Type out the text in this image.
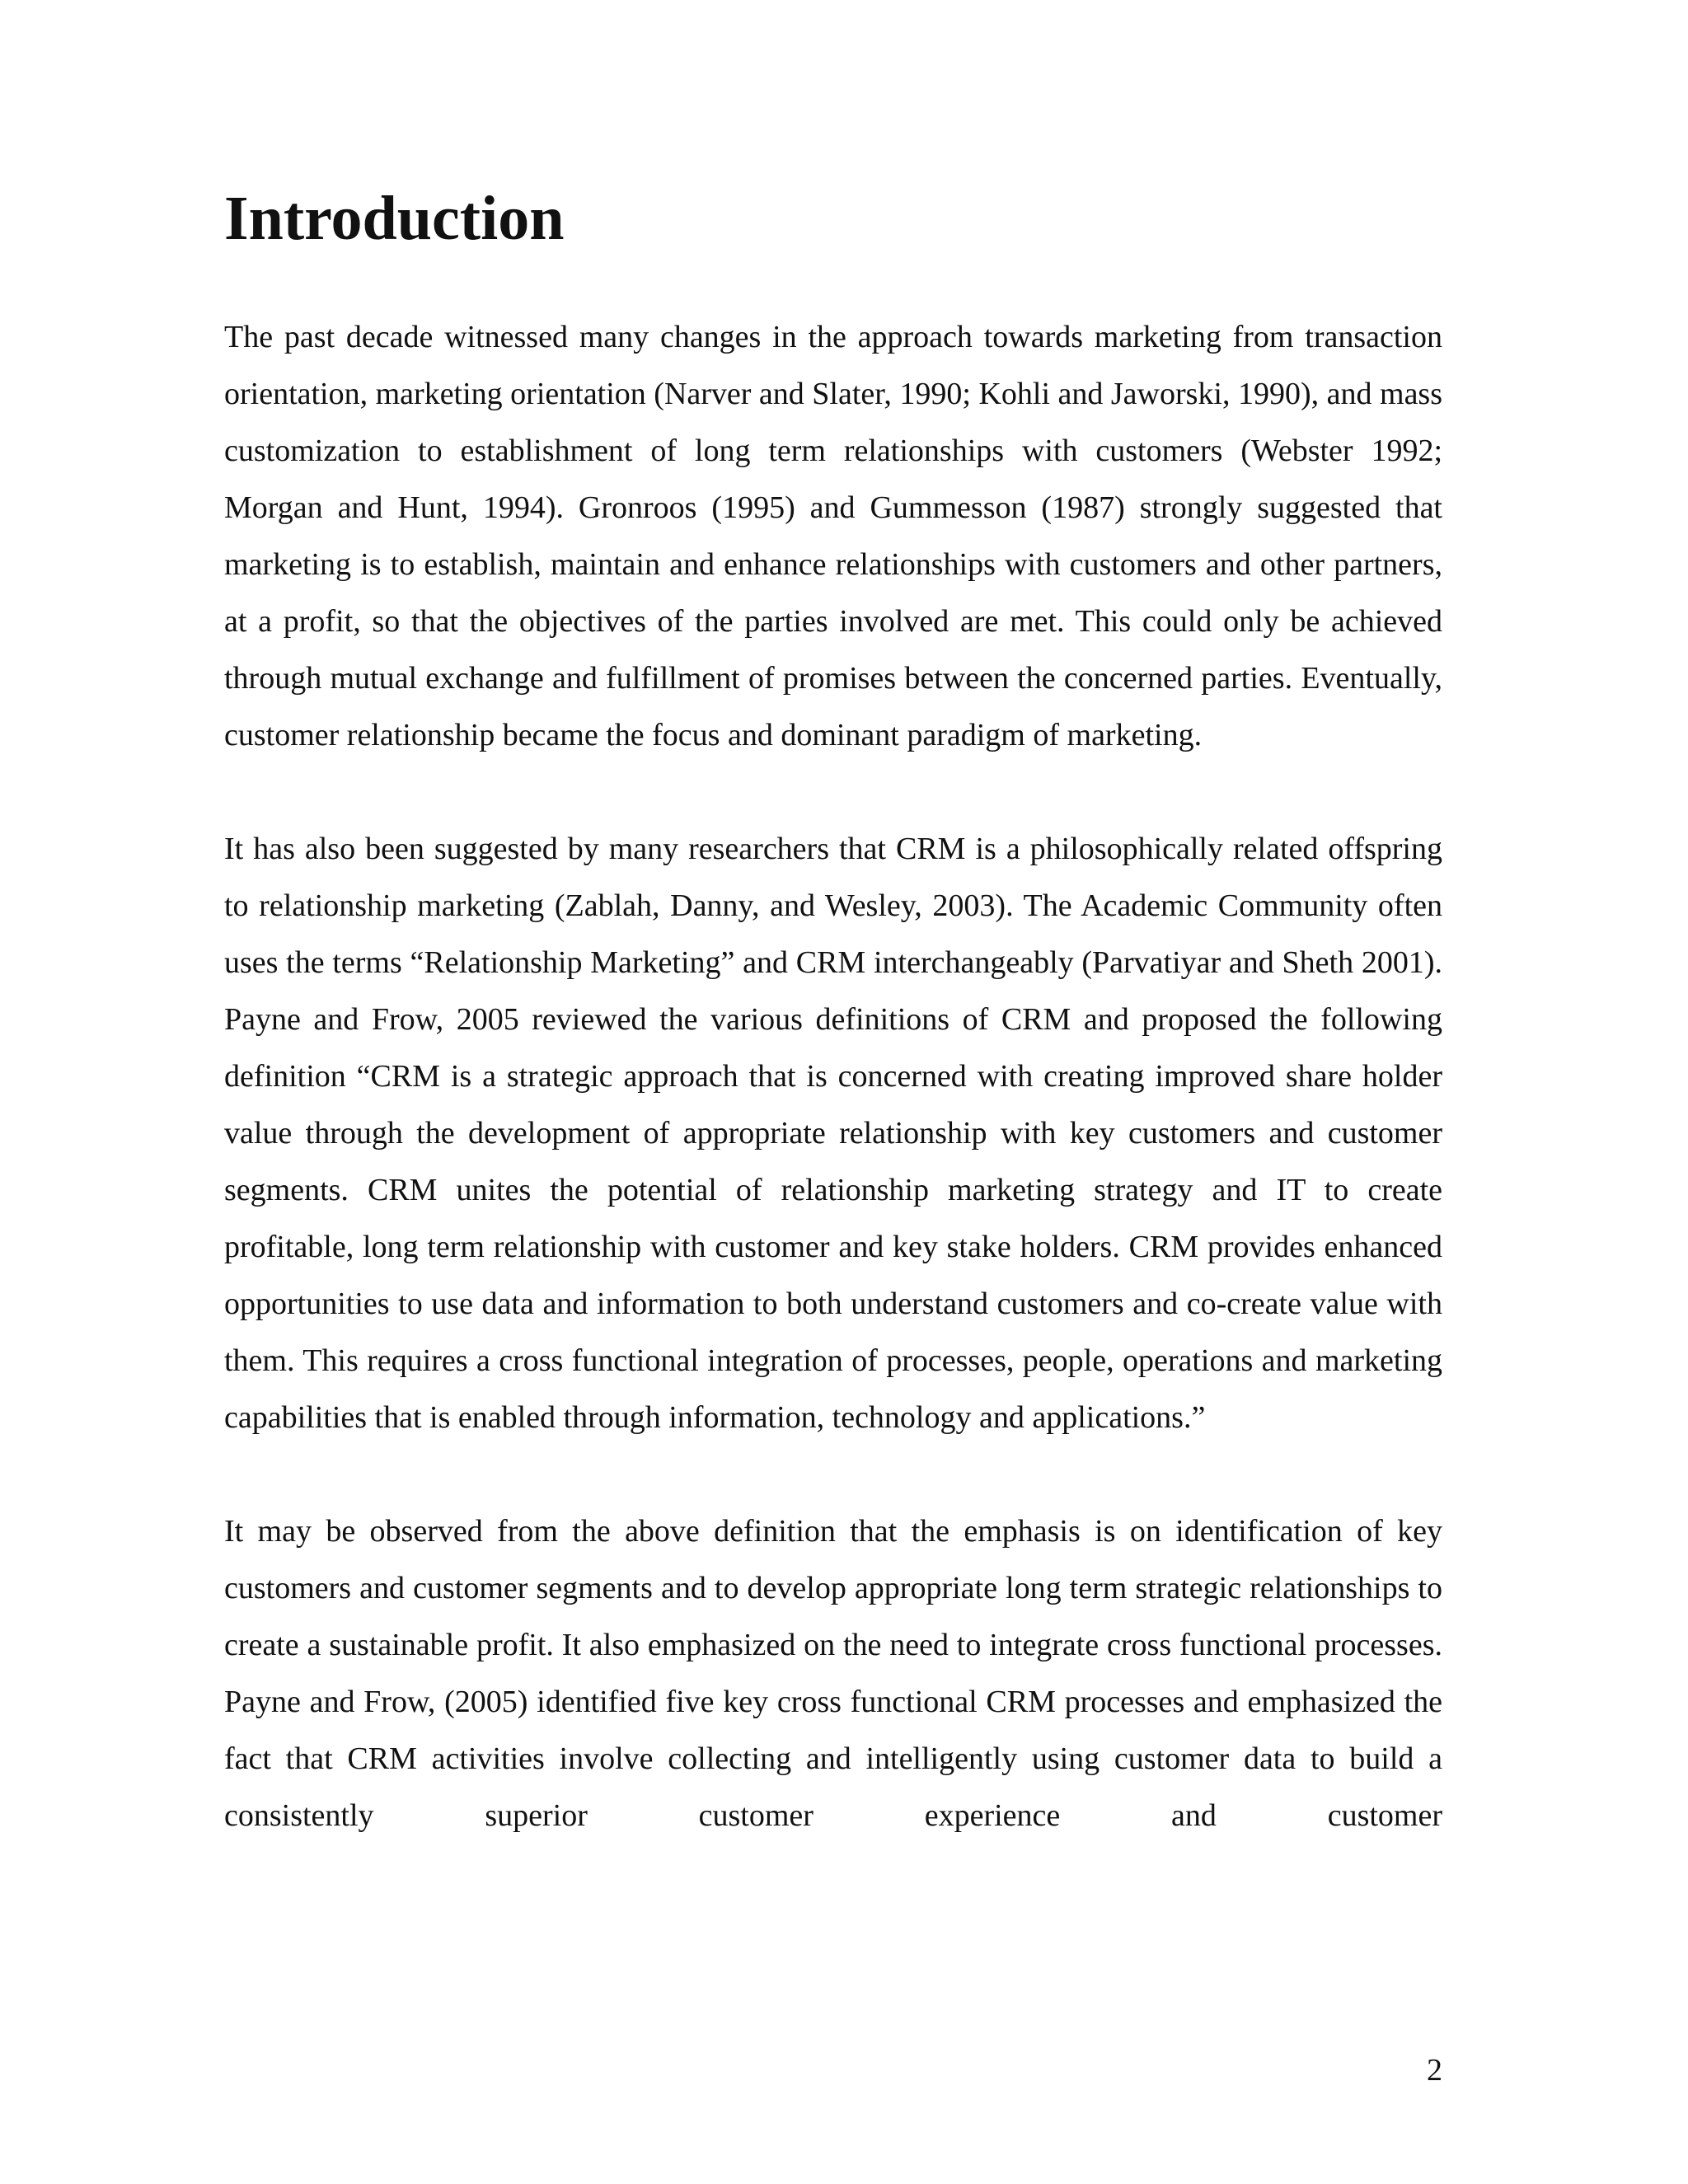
Introduction

The past decade witnessed many changes in the approach towards marketing from transaction orientation, marketing orientation (Narver and Slater, 1990; Kohli and Jaworski, 1990), and mass customization to establishment of long term relationships with customers (Webster 1992; Morgan and Hunt, 1994). Gronroos (1995) and Gummesson (1987) strongly suggested that marketing is to establish, maintain and enhance relationships with customers and other partners, at a profit, so that the objectives of the parties involved are met. This could only be achieved through mutual exchange and fulfillment of promises between the concerned parties. Eventually, customer relationship became the focus and dominant paradigm of marketing.

It has also been suggested by many researchers that CRM is a philosophically related offspring to relationship marketing (Zablah, Danny, and Wesley, 2003). The Academic Community often uses the terms “Relationship Marketing” and CRM interchangeably (Parvatiyar and Sheth 2001). Payne and Frow, 2005 reviewed the various definitions of CRM and proposed the following definition “CRM is a strategic approach that is concerned with creating improved share holder value through the development of appropriate relationship with key customers and customer segments. CRM unites the potential of relationship marketing strategy and IT to create profitable, long term relationship with customer and key stake holders. CRM provides enhanced opportunities to use data and information to both understand customers and co-create value with them. This requires a cross functional integration of processes, people, operations and marketing capabilities that is enabled through information, technology and applications.”

It may be observed from the above definition that the emphasis is on identification of key customers and customer segments and to develop appropriate long term strategic relationships to create a sustainable profit. It also emphasized on the need to integrate cross functional processes. Payne and Frow, (2005) identified five key cross functional CRM processes and emphasized the fact that CRM activities involve collecting and intelligently using customer data to build a consistently superior customer experience and customer

2
